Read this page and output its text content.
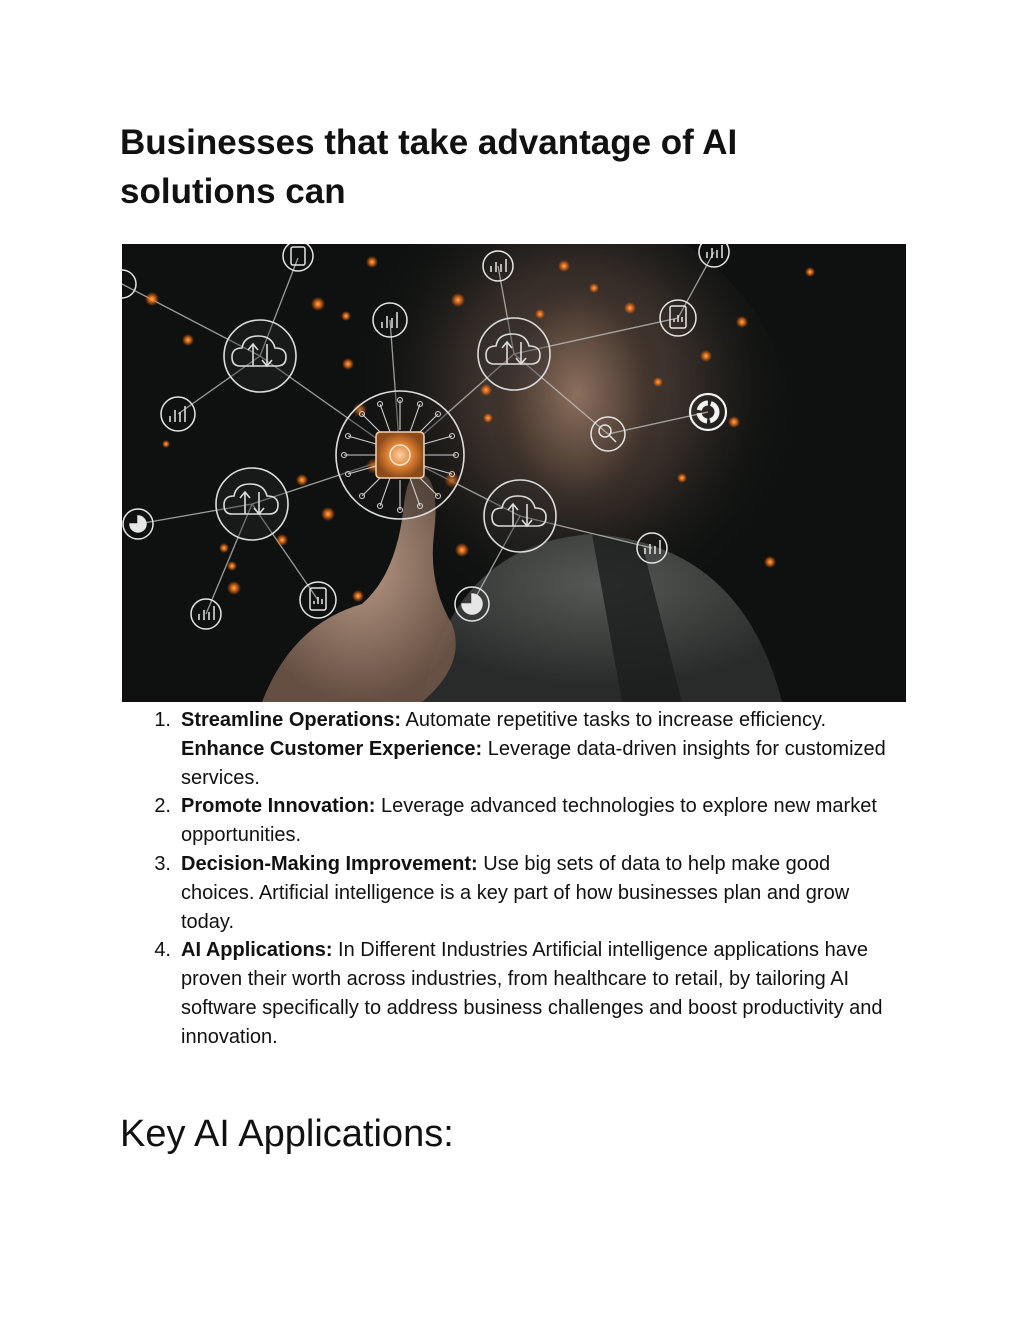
Businesses that take advantage of AI solutions can
1. Streamline Operations: Automate repetitive tasks to increase efficiency.
Enhance Customer Experience: Leverage data-driven insights for customized services.
2. Promote Innovation: Leverage advanced technologies to explore new market opportunities.
3. Decision-Making Improvement: Use big sets of data to help make good choices. Artificial intelligence is a key part of how businesses plan and grow today.
4. AI Applications: In Different Industries Artificial intelligence applications have proven their worth across industries, from healthcare to retail, by tailoring AI software specifically to address business challenges and boost productivity and innovation.
Key AI Applications:
